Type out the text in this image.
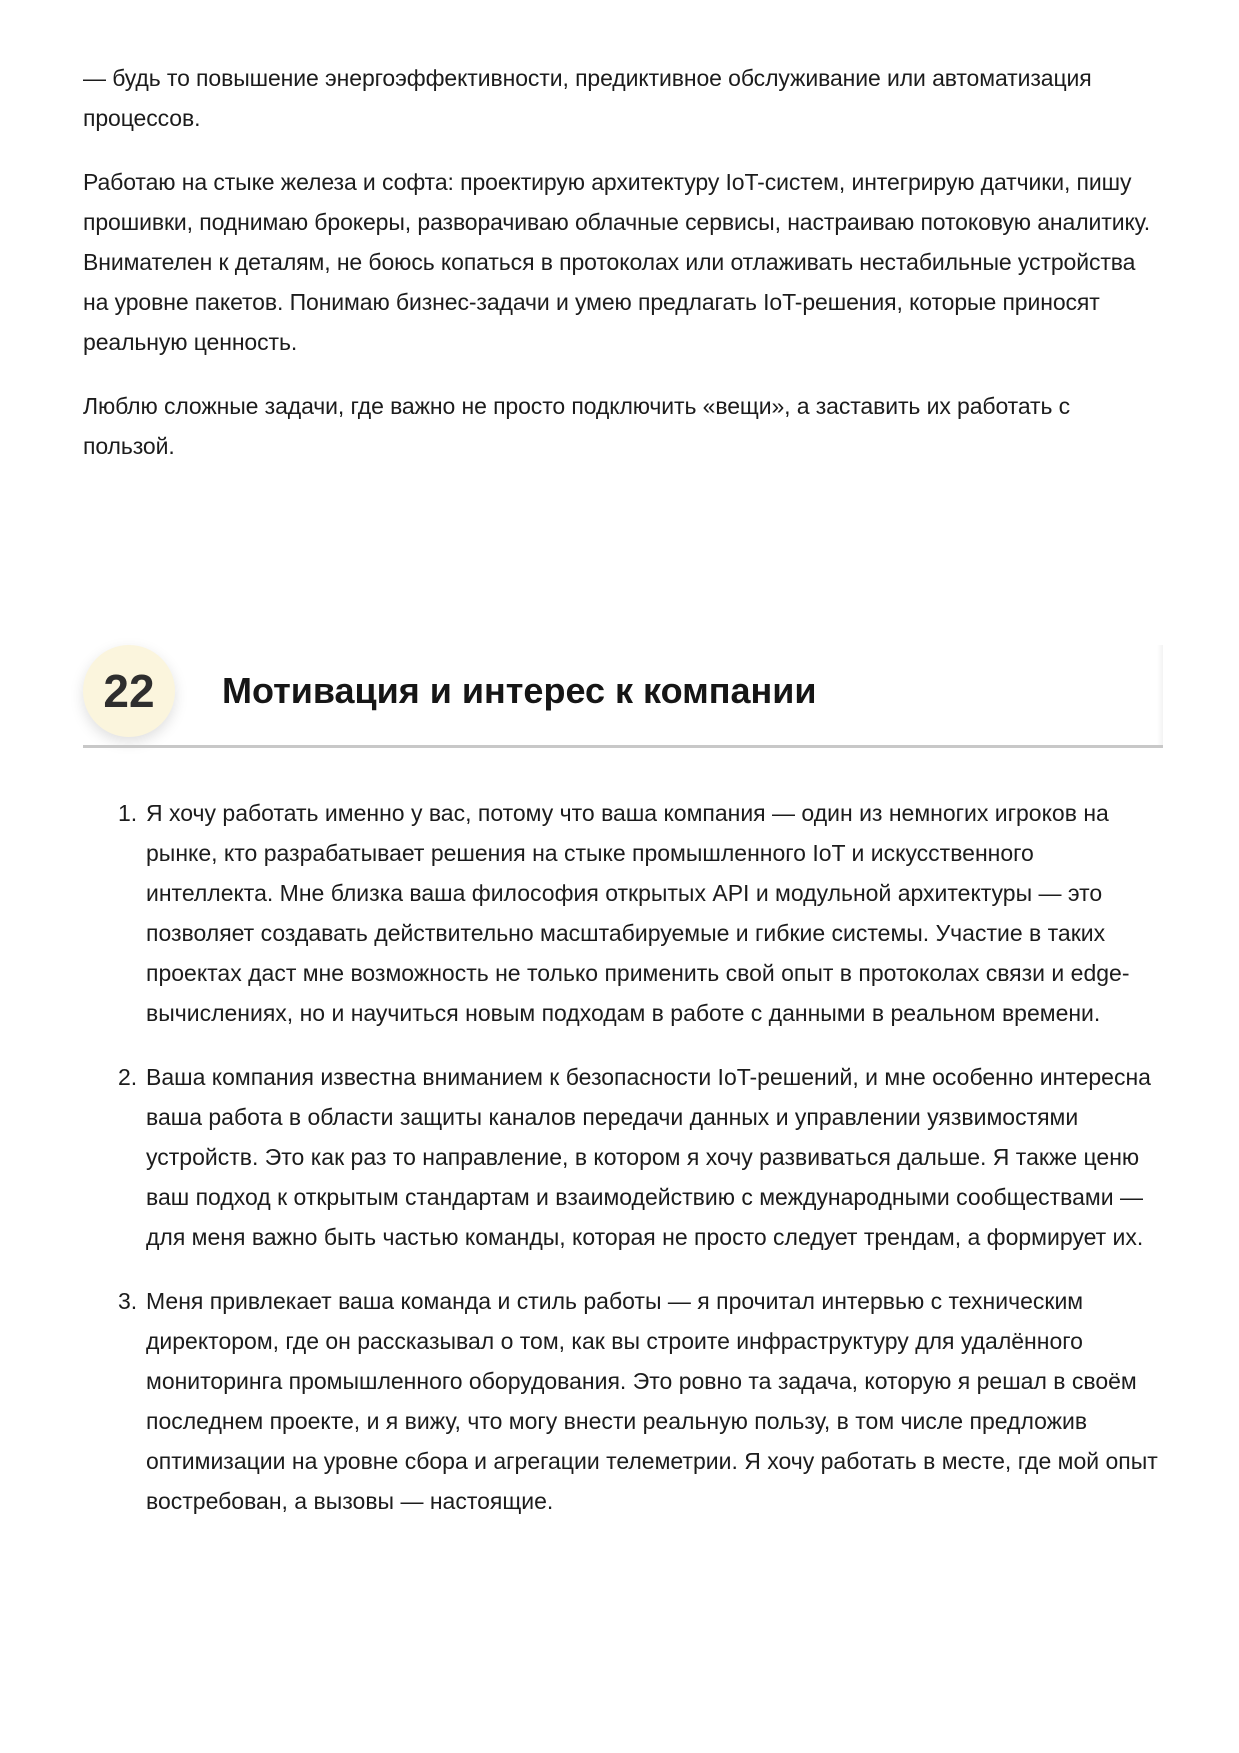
— будь то повышение энергоэффективности, предиктивное обслуживание или автоматизация процессов.

Работаю на стыке железа и софта: проектирую архитектуру IoT-систем, интегрирую датчики, пишу прошивки, поднимаю брокеры, разворачиваю облачные сервисы, настраиваю потоковую аналитику. Внимателен к деталям, не боюсь копаться в протоколах или отлаживать нестабильные устройства на уровне пакетов. Понимаю бизнес-задачи и умею предлагать IoT-решения, которые приносят реальную ценность.

Люблю сложные задачи, где важно не просто подключить «вещи», а заставить их работать с пользой.

22	Мотивация и интерес к компании
1. Я хочу работать именно у вас, потому что ваша компания — один из немногих игроков на рынке, кто разрабатывает решения на стыке промышленного IoT и искусственного интеллекта. Мне близка ваша философия открытых API и модульной архитектуры — это позволяет создавать действительно масштабируемые и гибкие системы. Участие в таких проектах даст мне возможность не только применить свой опыт в протоколах связи и edge-вычислениях, но и научиться новым подходам в работе с данными в реальном времени.
2. Ваша компания известна вниманием к безопасности IoT-решений, и мне особенно интересна ваша работа в области защиты каналов передачи данных и управлении уязвимостями устройств. Это как раз то направление, в котором я хочу развиваться дальше. Я также ценю ваш подход к открытым стандартам и взаимодействию с международными сообществами — для меня важно быть частью команды, которая не просто следует трендам, а формирует их.
3. Меня привлекает ваша команда и стиль работы — я прочитал интервью с техническим директором, где он рассказывал о том, как вы строите инфраструктуру для удалённого мониторинга промышленного оборудования. Это ровно та задача, которую я решал в своём последнем проекте, и я вижу, что могу внести реальную пользу, в том числе предложив оптимизации на уровне сбора и агрегации телеметрии. Я хочу работать в месте, где мой опыт востребован, а вызовы — настоящие.
